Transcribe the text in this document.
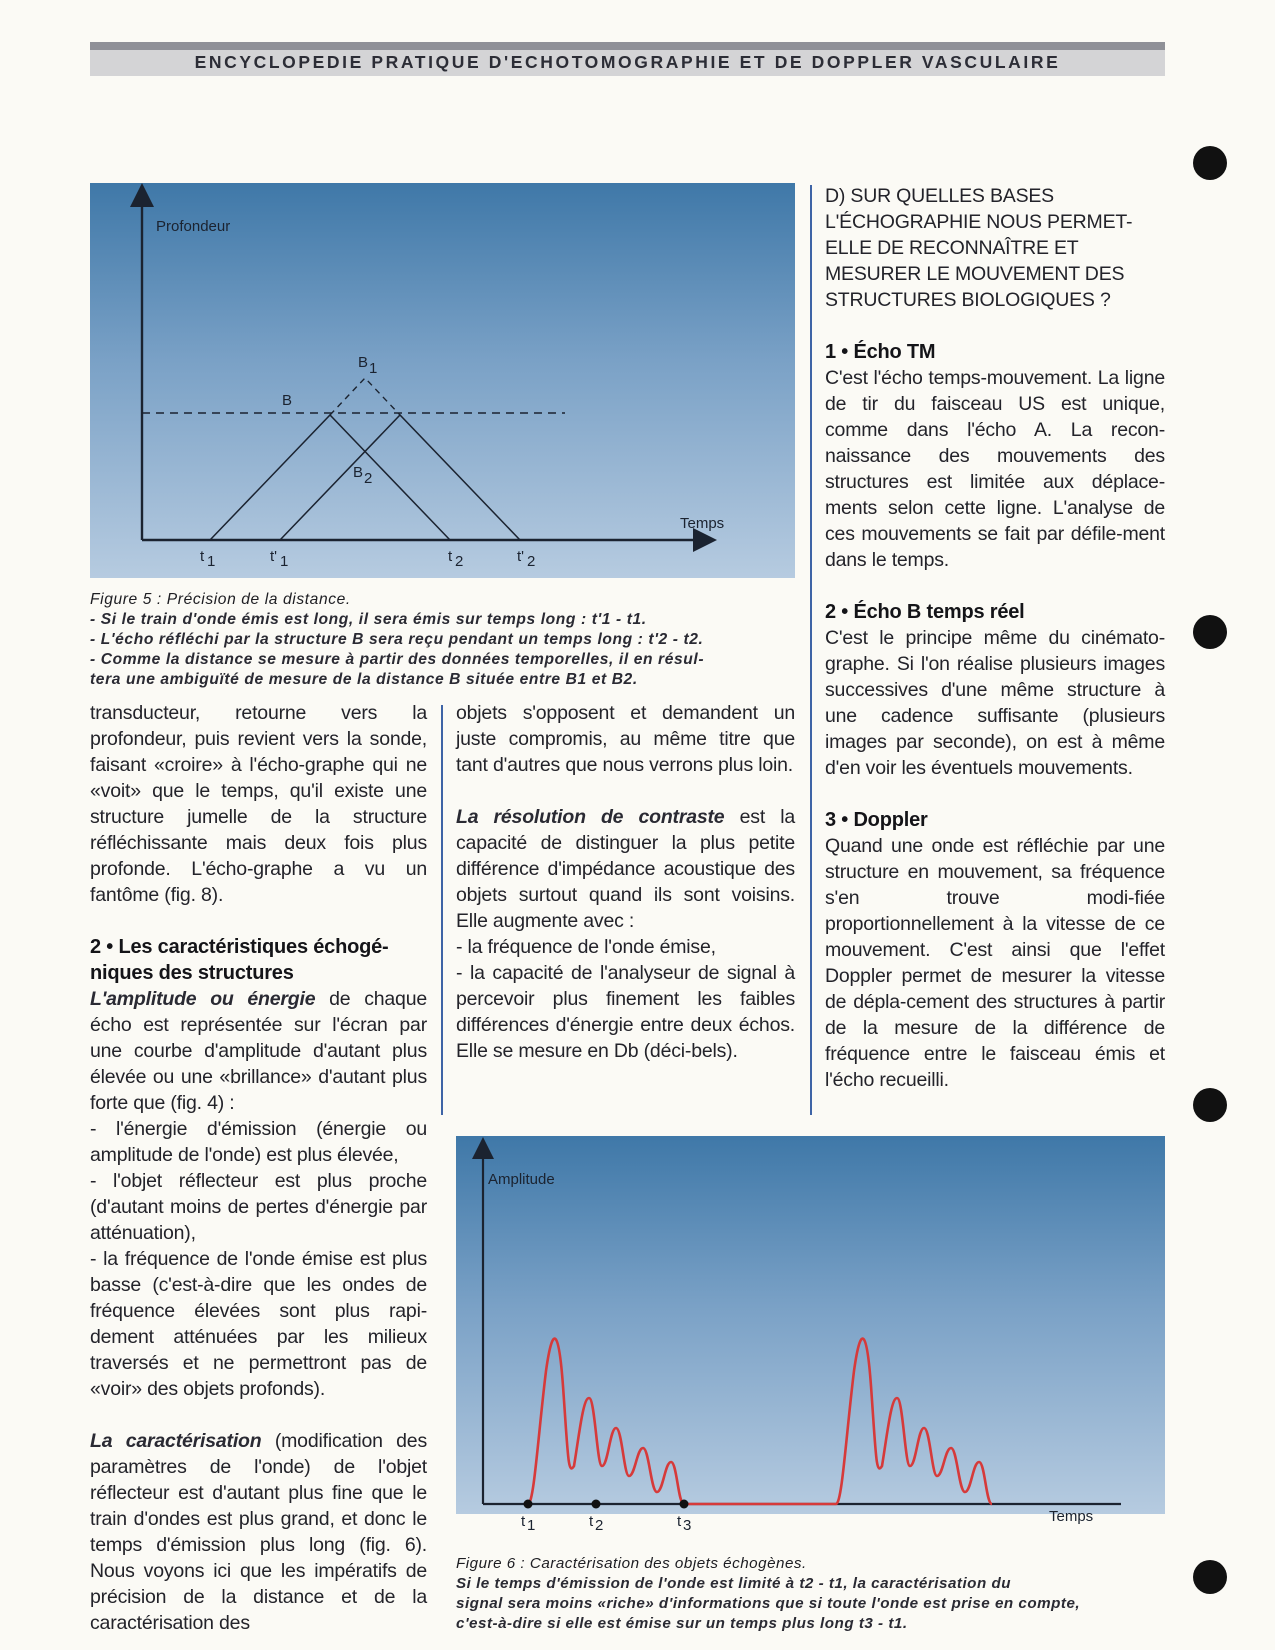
ENCYCLOPEDIE PRATIQUE D'ECHOTOMOGRAPHIE ET DE DOPPLER VASCULAIRE
Profondeur
Temps
B
B 1
B 2
t 1	t' 1	t 2	t' 2
Figure 5 : Précision de la distance.
- Si le train d'onde émis est long, il sera émis sur temps long : t'1 - t1.
- L'écho réfléchi par la structure B sera reçu pendant un temps long : t'2 - t2.
- Comme la distance se mesure à partir des données temporelles, il en résul-
tera une ambiguïté de mesure de la distance B située entre B1 et B2.

transducteur, retourne vers la profondeur, puis revient vers la sonde, faisant «croire» à l'écho-graphe qui ne «voit» que le temps, qu'il existe une structure jumelle de la structure réfléchissante mais deux fois plus profonde. L'écho-graphe a vu un fantôme (fig. 8).

2 • Les caractéristiques échogé-niques des structures

L'amplitude ou énergie de chaque écho est représentée sur l'écran par une courbe d'amplitude d'autant plus élevée ou une «brillance» d'autant plus forte que (fig. 4) :

- l'énergie d'émission (énergie ou amplitude de l'onde) est plus élevée,
- l'objet réflecteur est plus proche (d'autant moins de pertes d'énergie par atténuation),
- la fréquence de l'onde émise est plus basse (c'est-à-dire que les ondes de fréquence élevées sont plus rapi-dement atténuées par les milieux traversés et ne permettront pas de «voir» des objets profonds).

La caractérisation (modification des paramètres de l'onde) de l'objet réflecteur est d'autant plus fine que le train d'ondes est plus grand, et donc le temps d'émission plus long (fig. 6). Nous voyons ici que les impératifs de précision de la distance et de la caractérisation des

objets s'opposent et demandent un juste compromis, au même titre que tant d'autres que nous verrons plus loin.

La résolution de contraste est la capacité de distinguer la plus petite différence d'impédance acoustique des objets surtout quand ils sont voisins. Elle augmente avec :

- la fréquence de l'onde émise,
- la capacité de l'analyseur de signal à percevoir plus finement les faibles différences d'énergie entre deux échos. Elle se mesure en Db (déci-bels).

D) SUR QUELLES BASES L'ÉCHOGRAPHIE NOUS PERMET-ELLE DE RECONNAÎTRE ET MESURER LE MOUVEMENT DES STRUCTURES BIOLOGIQUES ?

1 • Écho TM

C'est l'écho temps-mouvement. La ligne de tir du faisceau US est unique, comme dans l'écho A. La recon-naissance des mouvements des structures est limitée aux déplace-ments selon cette ligne. L'analyse de ces mouvements se fait par défile-ment dans le temps.

2 • Écho B temps réel

C'est le principe même du cinémato-graphe. Si l'on réalise plusieurs images successives d'une même structure à une cadence suffisante (plusieurs images par seconde), on est à même d'en voir les éventuels mouvements.

3 • Doppler

Quand une onde est réfléchie par une structure en mouvement, sa fréquence s'en trouve modi-fiée proportionnellement à la vitesse de ce mouvement. C'est ainsi que l'effet Doppler permet de mesurer la vitesse de dépla-cement des structures à partir de la mesure de la différence de fréquence entre le faisceau émis et l'écho recueilli.

Amplitude
Temps
t 1	t 2	t 3
Figure 6 : Caractérisation des objets échogènes.
Si le temps d'émission de l'onde est limité à t2 - t1, la caractérisation du
signal sera moins «riche» d'informations que si toute l'onde est prise en compte,
c'est-à-dire si elle est émise sur un temps plus long t3 - t1.
